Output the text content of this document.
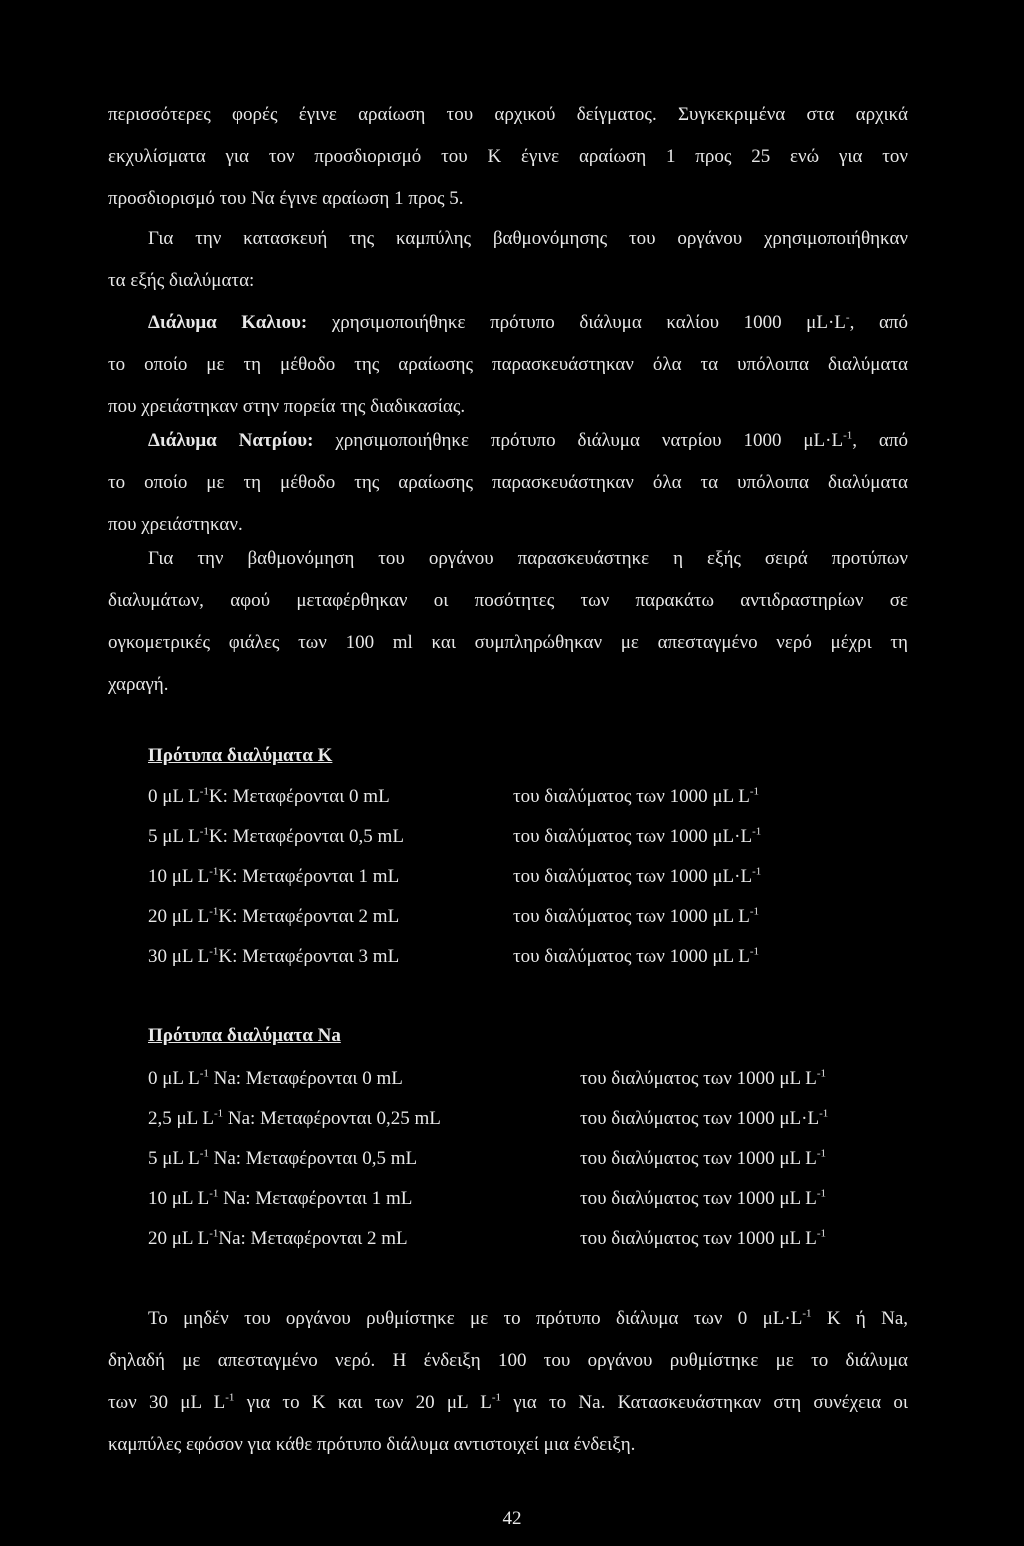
περισσότερες φορές έγινε αραίωση του αρχικού δείγματος. Συγκεκριμένα στα αρχικά
εκχυλίσματα για τον προσδιορισμό του Κ έγινε αραίωση 1 προς 25 ενώ για τον
προσδιορισμό του Να έγινε αραίωση 1 προς 5.
Για την κατασκευή της καμπύλης βαθμονόμησης του οργάνου χρησιμοποιήθηκαν
τα εξής διαλύματα:
Διάλυμα Καλιου: χρησιμοποιήθηκε πρότυπο διάλυμα καλίου 1000 μL·L-, από
το οποίο με τη μέθοδο της αραίωσης παρασκευάστηκαν όλα τα υπόλοιπα διαλύματα
που χρειάστηκαν στην πορεία της διαδικασίας.
Διάλυμα Νατρίου: χρησιμοποιήθηκε πρότυπο διάλυμα νατρίου 1000 $\mu L\cdot L^{-1}$, από
το οποίο με τη μέθοδο της αραίωσης παρασκευάστηκαν όλα τα υπόλοιπα διαλύματα
που χρειάστηκαν.
Για την βαθμονόμηση του οργάνου παρασκευάστηκε η εξής σειρά προτύπων
διαλυμάτων, αφού μεταφέρθηκαν οι ποσότητες των παρακάτω αντιδραστηρίων σε
ογκομετρικές φιάλες των 100 ml και συμπληρώθηκαν με απεσταγμένο νερό μέχρι τη
χαραγή.
Πρότυπα διαλύματα Κ
0 μL $L^{-1}K$: Μεταφέρονται 0 mL	του διαλύματος των 1000 μL $L^{-1}$
5 μL $L^{-1}K$: Μεταφέρονται 0,5 mL	του διαλύματος των 1000 $\mu L\cdot L^{-1}$
10 μL $L^{-1}K$: Μεταφέρονται 1 mL	του διαλύματος των 1000 $\mu L\cdot L^{-1}$
20 μL $L^{-1}K$: Μεταφέρονται 2 mL	του διαλύματος των 1000 μL $L^{-1}$
30 μL $L^{-1}K$: Μεταφέρονται 3 mL	του διαλύματος των 1000 μL $L^{-1}$
Πρότυπα διαλύματα Na
0 μL $L^{-1}$ Na: Μεταφέρονται 0 mL	του διαλύματος των 1000 μL $L^{-1}$
2,5 μL $L^{-1}$ Na: Μεταφέρονται 0,25 mL	του διαλύματος των 1000 $\mu L\cdot L^{-1}$
5 μL $L^{-1}$ Na: Μεταφέρονται 0,5 mL	του διαλύματος των 1000 μL $L^{-1}$
10 μL $L^{-1}$ Na: Μεταφέρονται 1 mL	του διαλύματος των 1000 μL $L^{-1}$
20 μL $L^{-1}Na$: Μεταφέρονται 2 mL	του διαλύματος των 1000 μL $L^{-1}$
Το μηδέν του οργάνου ρυθμίστηκε με το πρότυπο διάλυμα των 0 $\mu L\cdot L^{-1}$ K ή Na,
δηλαδή με απεσταγμένο νερό. Η ένδειξη 100 του οργάνου ρυθμίστηκε με το διάλυμα
των 30 μL $L^{-1}$ για το K και των 20 μL $L^{-1}$ για το Na. Κατασκευάστηκαν στη συνέχεια οι
καμπύλες εφόσον για κάθε πρότυπο διάλυμα αντιστοιχεί μια ένδειξη.
42
